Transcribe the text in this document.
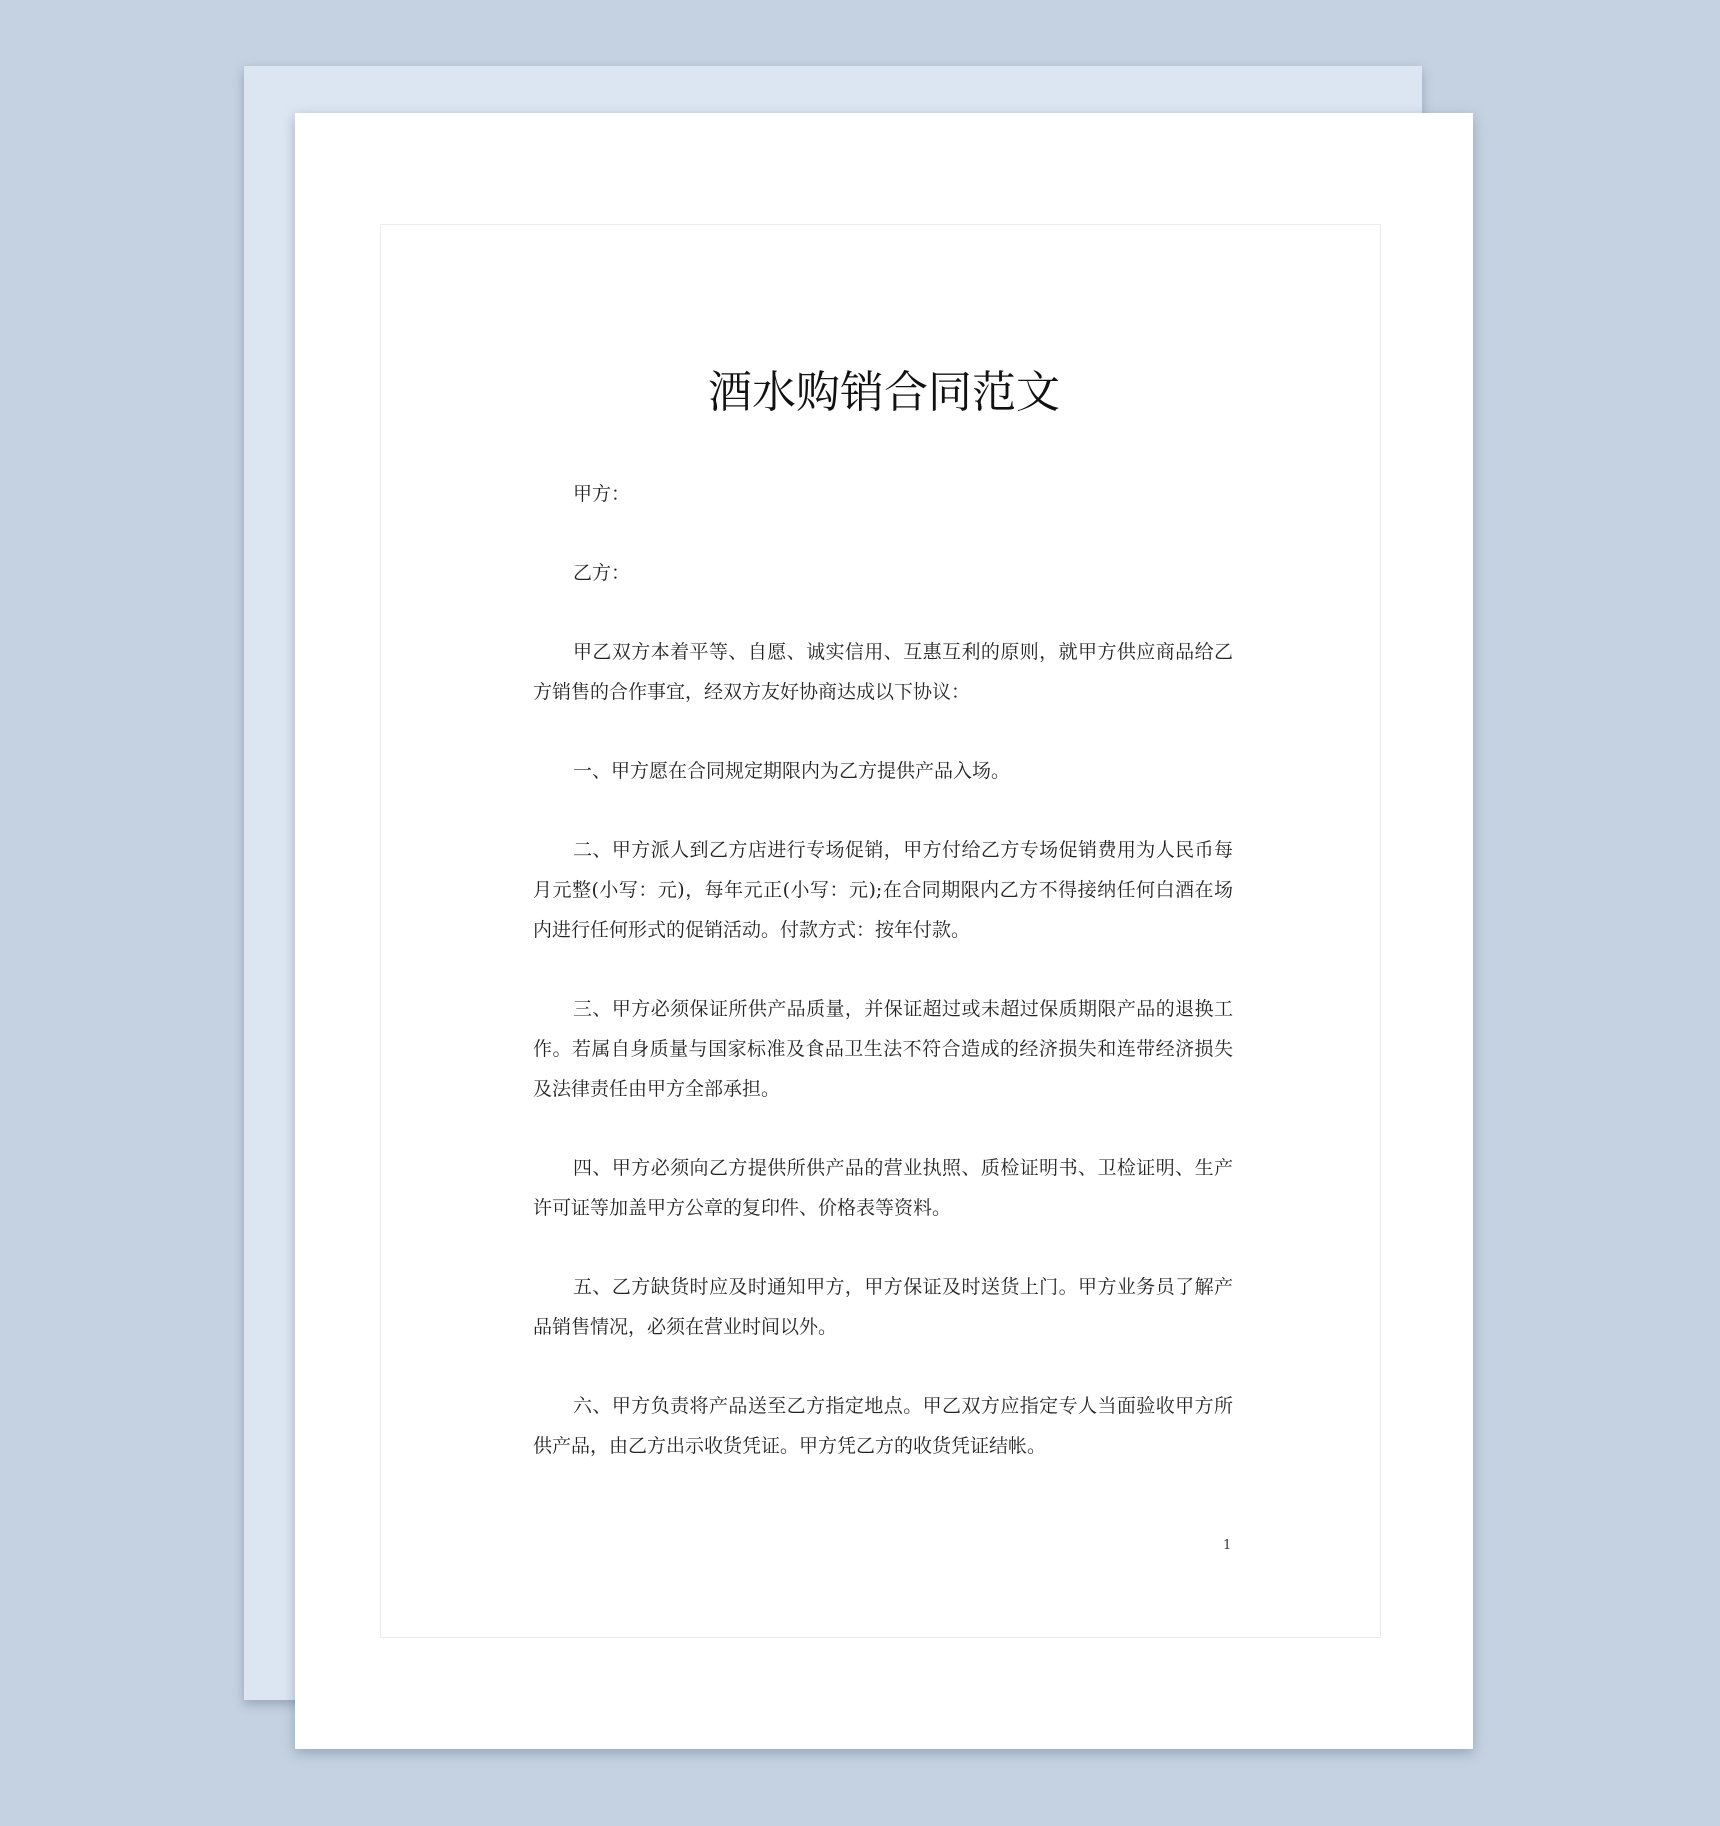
酒水购销合同范文

甲方：

乙方：

甲乙双方本着平等、自愿、诚实信用、互惠互利的原则，就甲方供应商品给乙方销售的合作事宜，经双方友好协商达成以下协议：

一、甲方愿在合同规定期限内为乙方提供产品入场。

二、甲方派人到乙方店进行专场促销，甲方付给乙方专场促销费用为人民币每月元整(小写：元)，每年元正(小写：元);在合同期限内乙方不得接纳任何白酒在场内进行任何形式的促销活动。付款方式：按年付款。

三、甲方必须保证所供产品质量，并保证超过或未超过保质期限产品的退换工作。若属自身质量与国家标准及食品卫生法不符合造成的经济损失和连带经济损失及法律责任由甲方全部承担。

四、甲方必须向乙方提供所供产品的营业执照、质检证明书、卫检证明、生产许可证等加盖甲方公章的复印件、价格表等资料。

五、乙方缺货时应及时通知甲方，甲方保证及时送货上门。甲方业务员了解产品销售情况，必须在营业时间以外。

六、甲方负责将产品送至乙方指定地点。甲乙双方应指定专人当面验收甲方所供产品，由乙方出示收货凭证。甲方凭乙方的收货凭证结帐。

1
